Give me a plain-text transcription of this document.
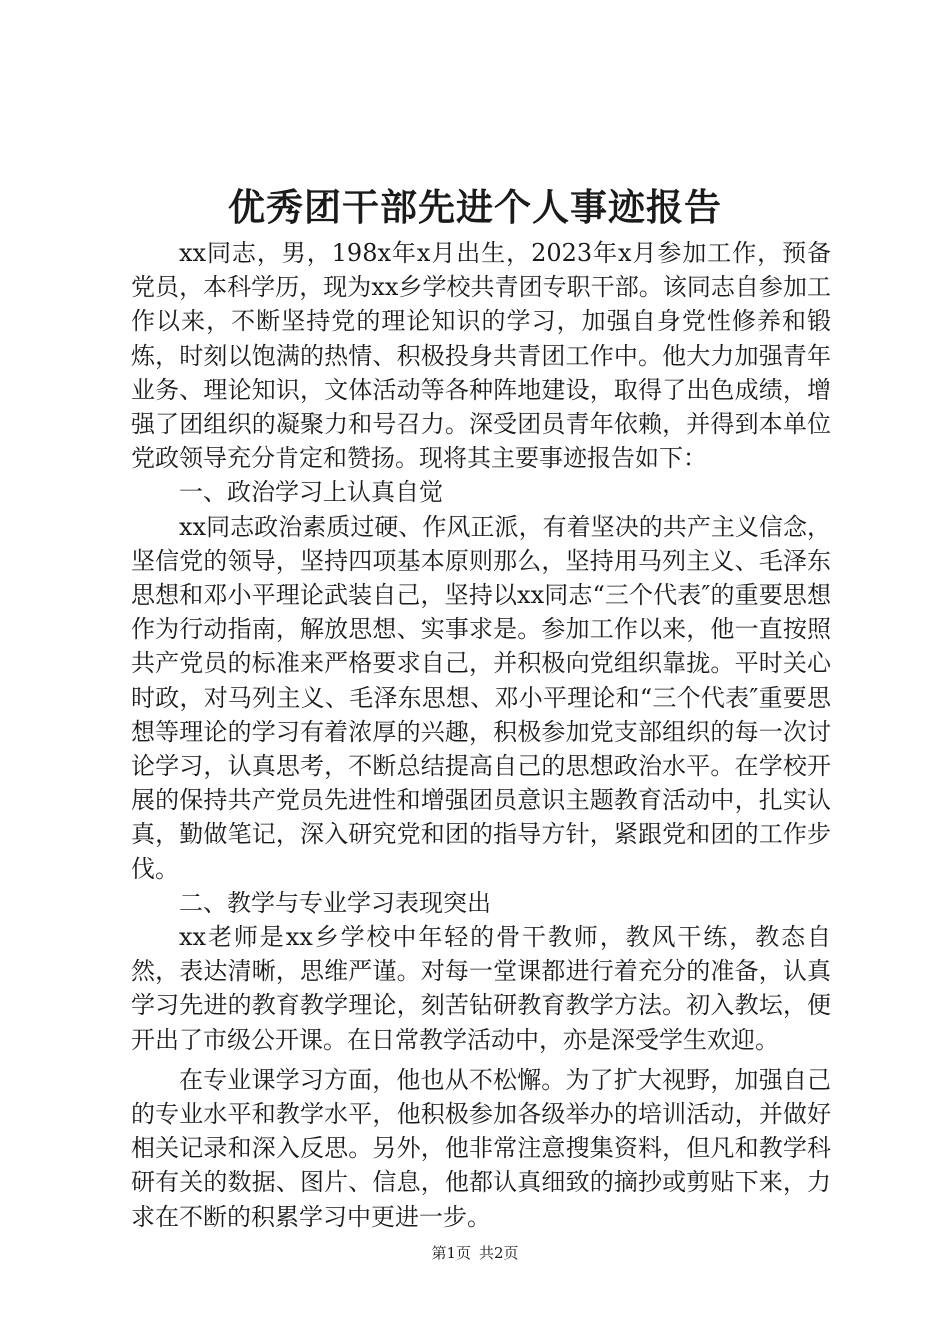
优秀团干部先进个人事迹报告

xx同志，男，198x年x月出生，2023年x月参加工作，预备党员，本科学历，现为xx乡学校共青团专职干部。该同志自参加工作以来，不断坚持党的理论知识的学习，加强自身党性修养和锻炼，时刻以饱满的热情、积极投身共青团工作中。他大力加强青年业务、理论知识，文体活动等各种阵地建设，取得了出色成绩，增强了团组织的凝聚力和号召力。深受团员青年依赖，并得到本单位党政领导充分肯定和赞扬。现将其主要事迹报告如下：

一、政治学习上认真自觉

xx同志政治素质过硬、作风正派，有着坚决的共产主义信念，坚信党的领导，坚持四项基本原则那么，坚持用马列主义、毛泽东思想和邓小平理论武装自己，坚持以xx同志“三个代表″的重要思想作为行动指南，解放思想、实事求是。参加工作以来，他一直按照共产党员的标准来严格要求自己，并积极向党组织靠拢。平时关心时政，对马列主义、毛泽东思想、邓小平理论和“三个代表″重要思想等理论的学习有着浓厚的兴趣，积极参加党支部组织的每一次讨论学习，认真思考，不断总结提高自己的思想政治水平。在学校开展的保持共产党员先进性和增强团员意识主题教育活动中，扎实认真，勤做笔记，深入研究党和团的指导方针，紧跟党和团的工作步伐。

二、教学与专业学习表现突出

xx老师是xx乡学校中年轻的骨干教师，教风干练，教态自然，表达清晰，思维严谨。对每一堂课都进行着充分的准备，认真学习先进的教育教学理论，刻苦钻研教育教学方法。初入教坛，便开出了市级公开课。在日常教学活动中，亦是深受学生欢迎。

在专业课学习方面，他也从不松懈。为了扩大视野，加强自己的专业水平和教学水平，他积极参加各级举办的培训活动，并做好相关记录和深入反思。另外，他非常注意搜集资料，但凡和教学科研有关的数据、图片、信息，他都认真细致的摘抄或剪贴下来，力求在不断的积累学习中更进一步。

第1页 共2页
